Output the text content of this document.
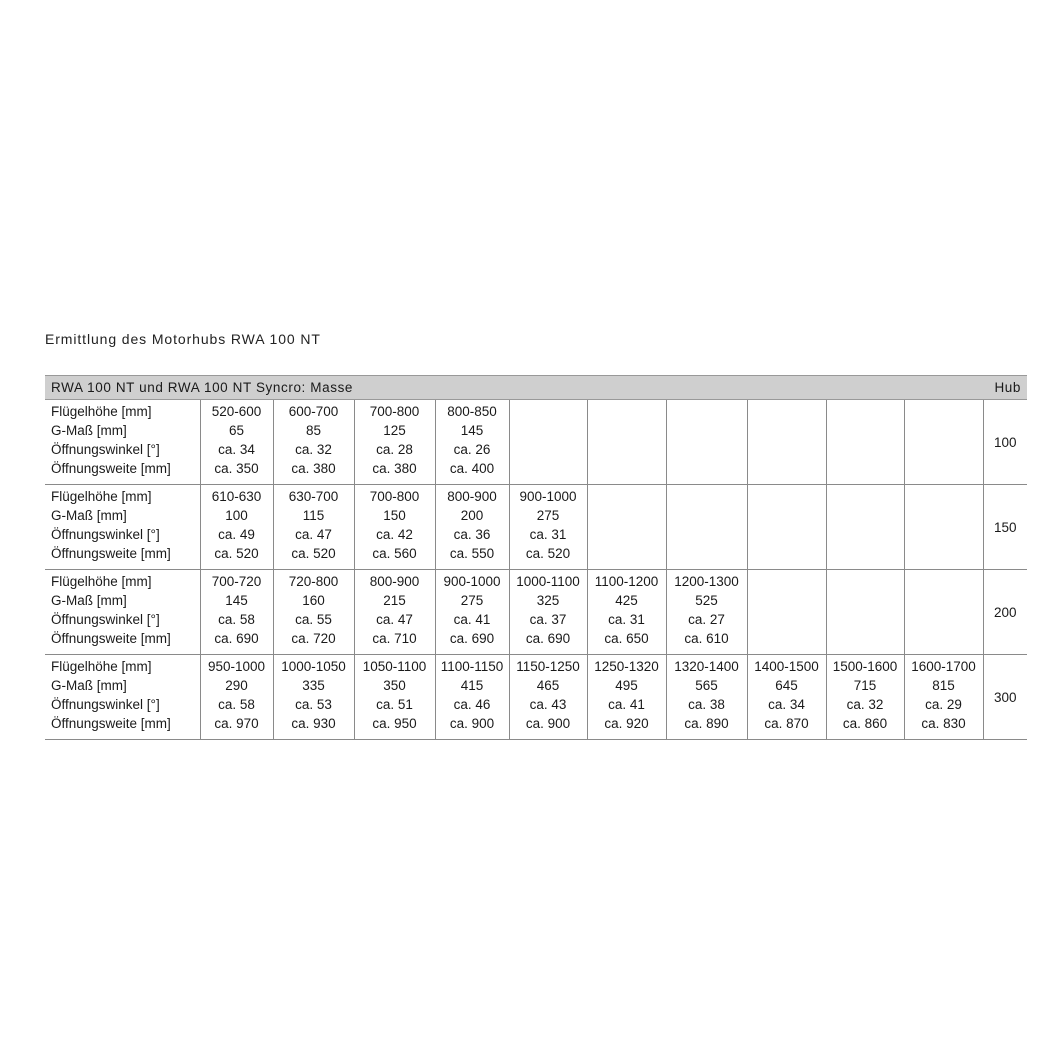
Ermittlung des Motorhubs RWA 100 NT
RWA 100 NT und RWA 100 NT Syncro: Masse											Hub

Flügelhöhe [mm]
G-Maß [mm]
Öffnungswinkel [°]
Öffnungsweite [mm]	520-600
65
ca. 34
ca. 350	600-700
85
ca. 32
ca. 380	700-800
125
ca. 28
ca. 380	800-850
145
ca. 26
ca. 400							100

Flügelhöhe [mm]
G-Maß [mm]
Öffnungswinkel [°]
Öffnungsweite [mm]	610-630
100
ca. 49
ca. 520	630-700
115
ca. 47
ca. 520	700-800
150
ca. 42
ca. 560	800-900
200
ca. 36
ca. 550	900-1000
275
ca. 31
ca. 520						150

Flügelhöhe [mm]
G-Maß [mm]
Öffnungswinkel [°]
Öffnungsweite [mm]	700-720
145
ca. 58
ca. 690	720-800
160
ca. 55
ca. 720	800-900
215
ca. 47
ca. 710	900-1000
275
ca. 41
ca. 690	1000-1100
325
ca. 37
ca. 690	1100-1200
425
ca. 31
ca. 650	1200-1300
525
ca. 27
ca. 610				200

Flügelhöhe [mm]
G-Maß [mm]
Öffnungswinkel [°]
Öffnungsweite [mm]	950-1000
290
ca. 58
ca. 970	1000-1050
335
ca. 53
ca. 930	1050-1100
350
ca. 51
ca. 950	1100-1150
415
ca. 46
ca. 900	1150-1250
465
ca. 43
ca. 900	1250-1320
495
ca. 41
ca. 920	1320-1400
565
ca. 38
ca. 890	1400-1500
645
ca. 34
ca. 870	1500-1600
715
ca. 32
ca. 860	1600-1700
815
ca. 29
ca. 830	300
